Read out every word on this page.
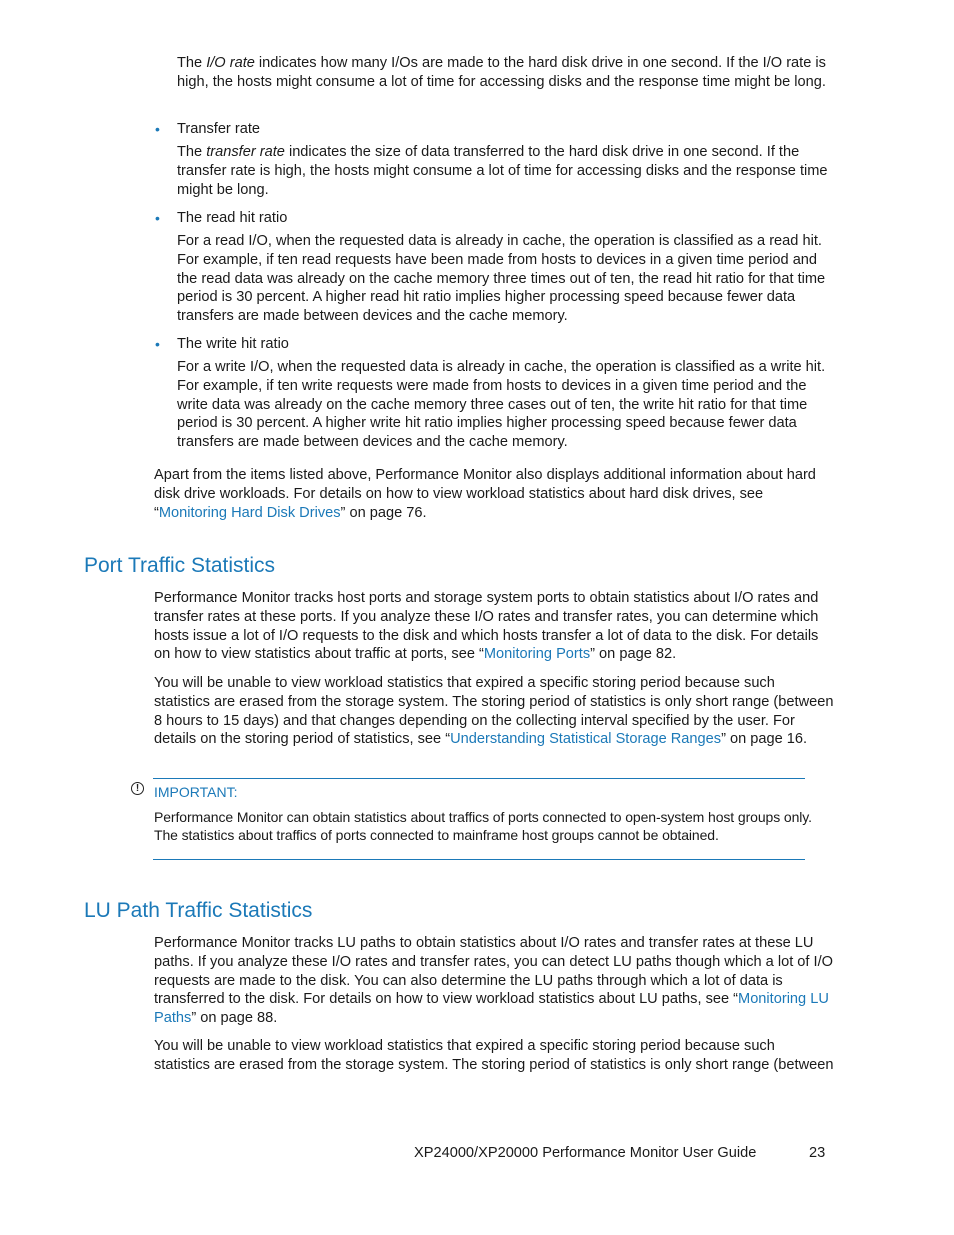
The I/O rate indicates how many I/Os are made to the hard disk drive in one second. If the I/O rate is high, the hosts might consume a lot of time for accessing disks and the response time might be long.

• Transfer rate

The transfer rate indicates the size of data transferred to the hard disk drive in one second. If the transfer rate is high, the hosts might consume a lot of time for accessing disks and the response time might be long.

• The read hit ratio

For a read I/O, when the requested data is already in cache, the operation is classified as a read hit. For example, if ten read requests have been made from hosts to devices in a given time period and the read data was already on the cache memory three times out of ten, the read hit ratio for that time period is 30 percent. A higher read hit ratio implies higher processing speed because fewer data transfers are made between devices and the cache memory.

• The write hit ratio

For a write I/O, when the requested data is already in cache, the operation is classified as a write hit. For example, if ten write requests were made from hosts to devices in a given time period and the write data was already on the cache memory three cases out of ten, the write hit ratio for that time period is 30 percent. A higher write hit ratio implies higher processing speed because fewer data transfers are made between devices and the cache memory.

Apart from the items listed above, Performance Monitor also displays additional information about hard disk drive workloads. For details on how to view workload statistics about hard disk drives, see “Monitoring Hard Disk Drives” on page 76.

Port Traffic Statistics

Performance Monitor tracks host ports and storage system ports to obtain statistics about I/O rates and transfer rates at these ports. If you analyze these I/O rates and transfer rates, you can determine which hosts issue a lot of I/O requests to the disk and which hosts transfer a lot of data to the disk. For details on how to view statistics about traffic at ports, see “Monitoring Ports” on page 82.

You will be unable to view workload statistics that expired a specific storing period because such statistics are erased from the storage system. The storing period of statistics is only short range (between 8 hours to 15 days) and that changes depending on the collecting interval specified by the user. For details on the storing period of statistics, see “Understanding Statistical Storage Ranges” on page 16.

!	IMPORTANT:

Performance Monitor can obtain statistics about traffics of ports connected to open-system host groups only. The statistics about traffics of ports connected to mainframe host groups cannot be obtained.

LU Path Traffic Statistics

Performance Monitor tracks LU paths to obtain statistics about I/O rates and transfer rates at these LU paths. If you analyze these I/O rates and transfer rates, you can detect LU paths though which a lot of I/O requests are made to the disk. You can also determine the LU paths through which a lot of data is transferred to the disk. For details on how to view workload statistics about LU paths, see “Monitoring LU Paths” on page 88.

You will be unable to view workload statistics that expired a specific storing period because such statistics are erased from the storage system. The storing period of statistics is only short range (between

XP24000/XP20000 Performance Monitor User Guide	23
